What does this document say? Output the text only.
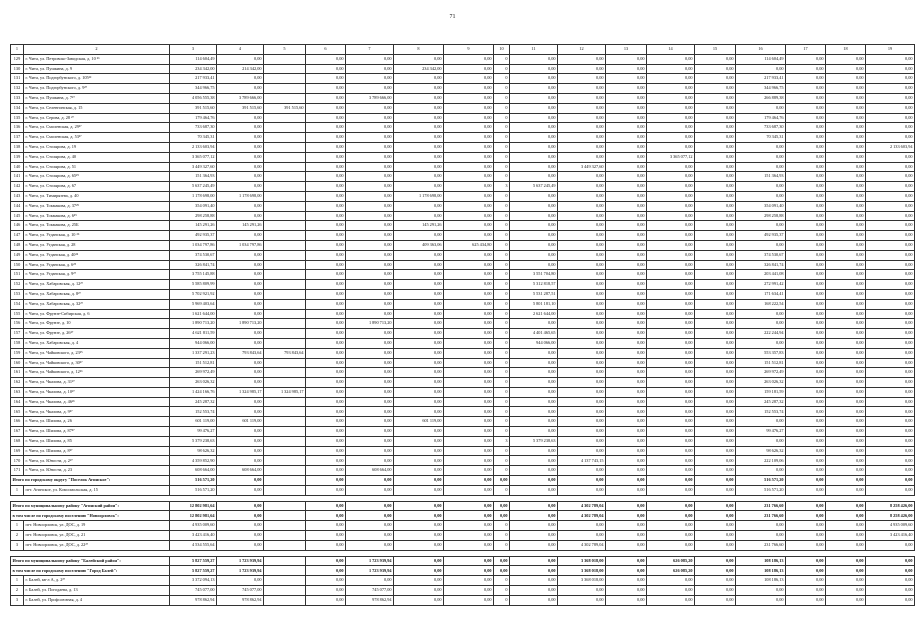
71
1	2	3	4	5	6	7	8	9	10	11	12	13	14	15	16	17	18	19
129	г. Чита, ул. Петровско-Заводская, д. 10 ²⁶	114 604,49	0,00		0,00	0,00	0,00	0,00	0	0,00	0,00	0,00	0,00	0,00	114 604,49	0,00	0,00	0,00
130	г. Чита, ул. Пушкина, д. 9	234 342,00	214 342,00		0,00	0,00	234 342,00	0,00	0	0,00	0,00	0,00	0,00	0,00	0,00	0,00	0,00	0,00
131	г. Чита, ул. Подгорбунского, д. 105²³	217 933,41	0,00		0,00	0,00	0,00	0,00	0	0,00	0,00	0,00	0,00	0,00	217 933,41	0,00	0,00	0,00
132	г. Чита, ул. Подгорбунского, д. 9²⁷	344 966,75	0,00		0,00	0,00	0,00	0,00	0	0,00	0,00	0,00	0,00	0,00	344 966,75	0,00	0,00	0,00
133	г. Чита, ул. Пушкина, д. 7²⁷	4 056 555,38	3 789 666,00		0,00	3 789 666,00	0,00	0,00	0	0,00	0,00	0,00	0,00	0,00	266 889,38	0,00	0,00	0,00
134	г. Чита, ул. Селенгинская, д. 15	391 515,60	391 515,60	391 515,60	0,00	0,00	0,00	0,00	0	0,00	0,00	0,00	0,00	0,00	0,00	0,00	0,00	0,00
135	г. Чита, ул. Серова, д. 28 ²⁷	179 464,76	0,00		0,00	0,00	0,00	0,00	0	0,00	0,00	0,00	0,00	0,00	179 464,76	0,00	0,00	0,00
136	г. Чита, ул. Смоленская, д. 29²⁷	733 687,30	0,00		0,00	0,00	0,00	0,00	0	0,00	0,00	0,00	0,00	0,00	733 687,30	0,00	0,00	0,00
137	г. Чита, ул. Смоленская, д. 53²⁷	70 345,31	0,00		0,00	0,00	0,00	0,00	0	0,00	0,00	0,00	0,00	0,00	70 345,31	0,00	0,00	0,00
138	г. Чита, ул. Столярова, д. 19	2 133 603,94	0,00		0,00	0,00	0,00	0,00	0	0,00	0,00	0,00	0,00	0,00	0,00	0,00	0,00	2 133 603,94
139	г. Чита, ул. Столярова, д. 40	3 365 077,12	0,00		0,00	0,00	0,00	0,00	0	0,00	0,00	0,00	3 365 077,12	0,00	0,00	0,00	0,00	0,00
140	г. Чита, ул. Столярова, д. 51	3 449 327,60	0,00		0,00	0,00	0,00	0,00	0	0,00	3 449 327,60	0,00	0,00	0,00	0,00	0,00	0,00	0,00
141	г. Чита, ул. Столярова, д. 65²⁵	151 364,93	0,00		0,00	0,00	0,00	0,00	0	0,00	0,00	0,00	0,00	0,00	151 364,93	0,00	0,00	0,00
142	г. Чита, ул. Столярова, д. 67	5 637 245,49	0,00		0,00	0,00	0,00	0,00	3	5 637 245,49	0,00	0,00	0,00	0,00	0,00	0,00	0,00	0,00
143	г. Чита, ул. Тимирязева, д. 40	1 178 698,00	1 178 698,00		0,00	0,00	1 178 698,00	0,00	0	0,00	0,00	0,00	0,00	0,00	0,00	0,00	0,00	0,00
144	г. Чита, ул. Токмакова, д. 37²⁵	354 091,40	0,00		0,00	0,00	0,00	0,00	0	0,00	0,00	0,00	0,00	0,00	354 091,40	0,00	0,00	0,00
145	г. Чита, ул. Токмакова, д. 6²⁵	298 258,88	0,00		0,00	0,00	0,00	0,00	0	0,00	0,00	0,00	0,00	0,00	298 258,88	0,00	0,00	0,00
146	г. Чита, ул. Токмакова, д. 25Б	145 291,26	145 291,26		0,00	0,00	145 291,26	0,00	0	0,00	0,00	0,00	0,00	0,00	0,00	0,00	0,00	0,00
147	г. Чита, ул. Угданская, д. 10 ²⁶	492 935,37	0,00		0,00	0,00	0,00	0,00	0	0,00	0,00	0,00	0,00	0,00	492 935,37	0,00	0,00	0,00
148	г. Чита, ул. Угданская, д. 28	1 034 797,86	1 034 797,86		0,00	0,00	409 363,06	625 434,80	0	0,00	0,00	0,00	0,00	0,00	0,00	0,00	0,00	0,00
149	г. Чита, ул. Угданская, д. 40²⁶	374 530,67	0,00		0,00	0,00	0,00	0,00	0	0,00	0,00	0,00	0,00	0,00	374 530,67	0,00	0,00	0,00
150	г. Чита, ул. Угданская, д. 6²⁵	326 841,74	0,00		0,00	0,00	0,00	0,00	0	0,00	0,00	0,00	0,00	0,00	326 841,74	0,00	0,00	0,00
151	г. Чита, ул. Угданская, д. 9²⁷	3 755 145,88	0,00		0,00	0,00	0,00	0,00	0	3 551 704,80	0,00	0,00	0,00	0,00	203 441,08	0,00	0,00	0,00
152	г. Чита, ул. Хабаровская, д. 12²⁷	5 585 809,99	0,00		0,00	0,00	0,00	0,00	0	5 312 818,57	0,00	0,00	0,00	0,00	272 991,42	0,00	0,00	0,00
153	г. Чита, ул. Хабаровская, д. 8²⁷	5 702 921,92	0,00		0,00	0,00	0,00	0,00	0	5 531 287,51	0,00	0,00	0,00	0,00	171 634,41	0,00	0,00	0,00
154	г. Чита, ул. Хабаровская, д. 32²⁷	5 969 403,64	0,00		0,00	0,00	0,00	0,00	0	5 801 181,10	0,00	0,00	0,00	0,00	168 222,54	0,00	0,00	0,00
155	г. Чита, ул. Фрунзе-Сибирская, д. 6	1 621 644,00	0,00		0,00	0,00	0,00	0,00	0	2 621 644,00	0,00	0,00	0,00	0,00	0,00	0,00	0,00	0,00
156	г. Чита, ул. Фрунзе, д. 10	1 890 713,20	1 890 713,20		0,00	1 890 713,20	0,00	0,00	0	0,00	0,00	0,00	0,00	0,00	0,00	0,00	0,00	0,00
157	г. Чита, ул. Фрунзе, д. 26²⁷	4 621 811,59	0,00		0,00	0,00	0,00	0,00	0	4 401 465,65	0,00	0,00	0,00	0,00	222 244,94	0,00	0,00	0,00
158	г. Чита, ул. Хабаровская, д. 4	944 066,00	0,00		0,00	0,00	0,00	0,00	0	944 066,00	0,00	0,00	0,00	0,00	0,00	0,00	0,00	0,00
159	г. Чита, ул. Чайковского, д. 23²⁵	1 337 291,23	793 843,64	793 843,64	0,00	0,00	0,00	0,00	0	0,00	0,00	0,00	0,00	0,00	553 357,83	0,00	0,00	0,00
160	г. Чита, ул. Чайковского, д. 30²⁷	151 512,81	0,00		0,00	0,00	0,00	0,00	0	0,00	0,00	0,00	0,00	0,00	151 512,81	0,00	0,00	0,00
161	г. Чита, ул. Чайковского, д. 12²⁶	269 972,49	0,00		0,00	0,00	0,00	0,00	0	0,00	0,00	0,00	0,00	0,00	269 972,49	0,00	0,00	0,00
162	г. Чита, ул. Чкалова, д. 31²⁷	263 026,32	0,00		0,00	0,00	0,00	0,00	0	0,00	0,00	0,00	0,00	0,00	263 026,32	0,00	0,00	0,00
163	г. Чита, ул. Чкалова, д. 10²⁷	1 424 166,76	1 324 985,17	1 324 985,17	0,00	0,00	0,00	0,00	0	0,00	0,00	0,00	0,00	0,00	159 181,59	0,00	0,00	0,00
164	г. Чита, ул. Чкалова, д. 46²⁶	245 287,32	0,00		0,00	0,00	0,00	0,00	0	0,00	0,00	0,00	0,00	0,00	245 287,32	0,00	0,00	0,00
165	г. Чита, ул. Чкалова, д. 9²⁷	152 553,74	0,00		0,00	0,00	0,00	0,00	0	0,00	0,00	0,00	0,00	0,00	152 553,74	0,00	0,00	0,00
166	г. Чита, ул. Шилова, д. 26	601 119,00	601 119,00		0,00	0,00	601 119,00	0,00	0	0,00	0,00	0,00	0,00	0,00	0,00	0,00	0,00	0,00
167	г. Чита, ул. Шилова, д. 87²⁷	99 476,27	0,00		0,00	0,00	0,00	0,00	0	0,00	0,00	0,00	0,00	0,00	99 476,27	0,00	0,00	0,00
168	г. Чита, ул. Шилова, д. 85	5 379 238,63	0,00		0,00	0,00	0,00	0,00	3	5 379 238,63	0,00	0,00	0,00	0,00	0,00	0,00	0,00	0,00
169	г. Чита, ул. Шилова, д. 8²⁷	98 626,32	0,00		0,00	0,00	0,00	0,00	0	0,00	0,00	0,00	0,00	0,00	98 626,32	0,00	0,00	0,00
170	г. Чита, ул. Юности, д. 2²⁷	4 359 852,90	0,00		0,00	0,00	0,00	0,00	0	0,00	4 137 743,15	0,00	0,00	0,00	222 109,06	0,00	0,00	0,00
171	г. Чита, ул. Юности, д. 23	608 664,00	608 664,00		0,00	608 664,00	0,00	0,00	0	0,00	0,00	0,00	0,00	0,00	0,00	0,00	0,00	0,00
Итого по городскому округу "Поселок Агинское":		516 571,20	0,00		0,00	0,00	0,00	0,00	0,00	0,00	0,00	0,00	0,00	0,00	516 571,20	0,00	0,00	0,00
1	пгт. Агинское, ул. Комсомольская, д. 15	516 571,20	0,00		0,00	0,00	0,00	0,00	0	0,00	0,00	0,00	0,00	0,00	516 571,20	0,00	0,00	0,00

Итого по муниципальному району "Агинский район":		12 802 981,64	0,00		0,00	0,00	0,00	0,00	0,00	0,00	4 302 789,04	0,00	0,00	0,00	231 766,60	0,00	0,00	8 258 426,00
в том числе по городскому поселению "Новоорловск":		12 802 981,64	0,00		0,00	0,00	0,00	0,00	0,00	0,00	4 302 789,04	0,00	0,00	0,00	231 766,60	0,00	0,00	8 258 426,00
1	пгт. Новоорловск, ул. ДОС, д. 19	4 935 009,60	0,00		0,00	0,00	0,00	0,00	0	0,00	0,00	0,00	0,00	0,00	0,00	0,00	0,00	4 935 009,60
2	пгт. Новоорловск, ул. ДОС, д. 21	3 423 416,40	0,00		0,00	0,00	0,00	0,00	0	0,00	0,00	0,00	0,00	0,00	0,00	0,00	0,00	3 423 416,40
3	пгт. Новоорловск, ул. ДОС, д. 22²⁷	4 534 555,64	0,00		0,00	0,00	0,00	0,00	0	0,00	4 302 789,04	0,00	0,00	0,00	231 766,60	0,00	0,00	0,00

Итого по муниципальному району "Балейский район":		5 827 559,27	1 723 939,94		0,00	1 723 939,94	0,00	0,00	0,00	0,00	3 368 018,00	0,00	626 085,20	0,00	108 186,13	0,00	0,00	0,00
в том числе по городскому поселению "Город Балей":		5 827 559,27	1 723 939,94		0,00	1 723 939,94	0,00	0,00	0,00	0,00	3 368 018,00	0,00	626 085,20	0,00	108 186,13	0,00	0,00	0,00
1	г. Балей, кв-л А, д. 2²⁷	3 372 094,13	0,00		0,00	0,00	0,00	0,00	0	0,00	3 368 018,00	0,00	0,00	0,00	108 186,13	0,00	0,00	0,00
2	г. Балей, ул. Погодаева, д. 13	745 077,00	745 077,00		0,00	745 077,00	0,00	0,00	0	0,00	0,00	0,00	0,00	0,00	0,00	0,00	0,00	0,00
3	г. Балей, ул. Профсоюзная, д. 4	978 862,94	978 862,94		0,00	978 862,94	0,00	0,00	0	0,00	0,00	0,00	0,00	0,00	0,00	0,00	0,00	0,00
